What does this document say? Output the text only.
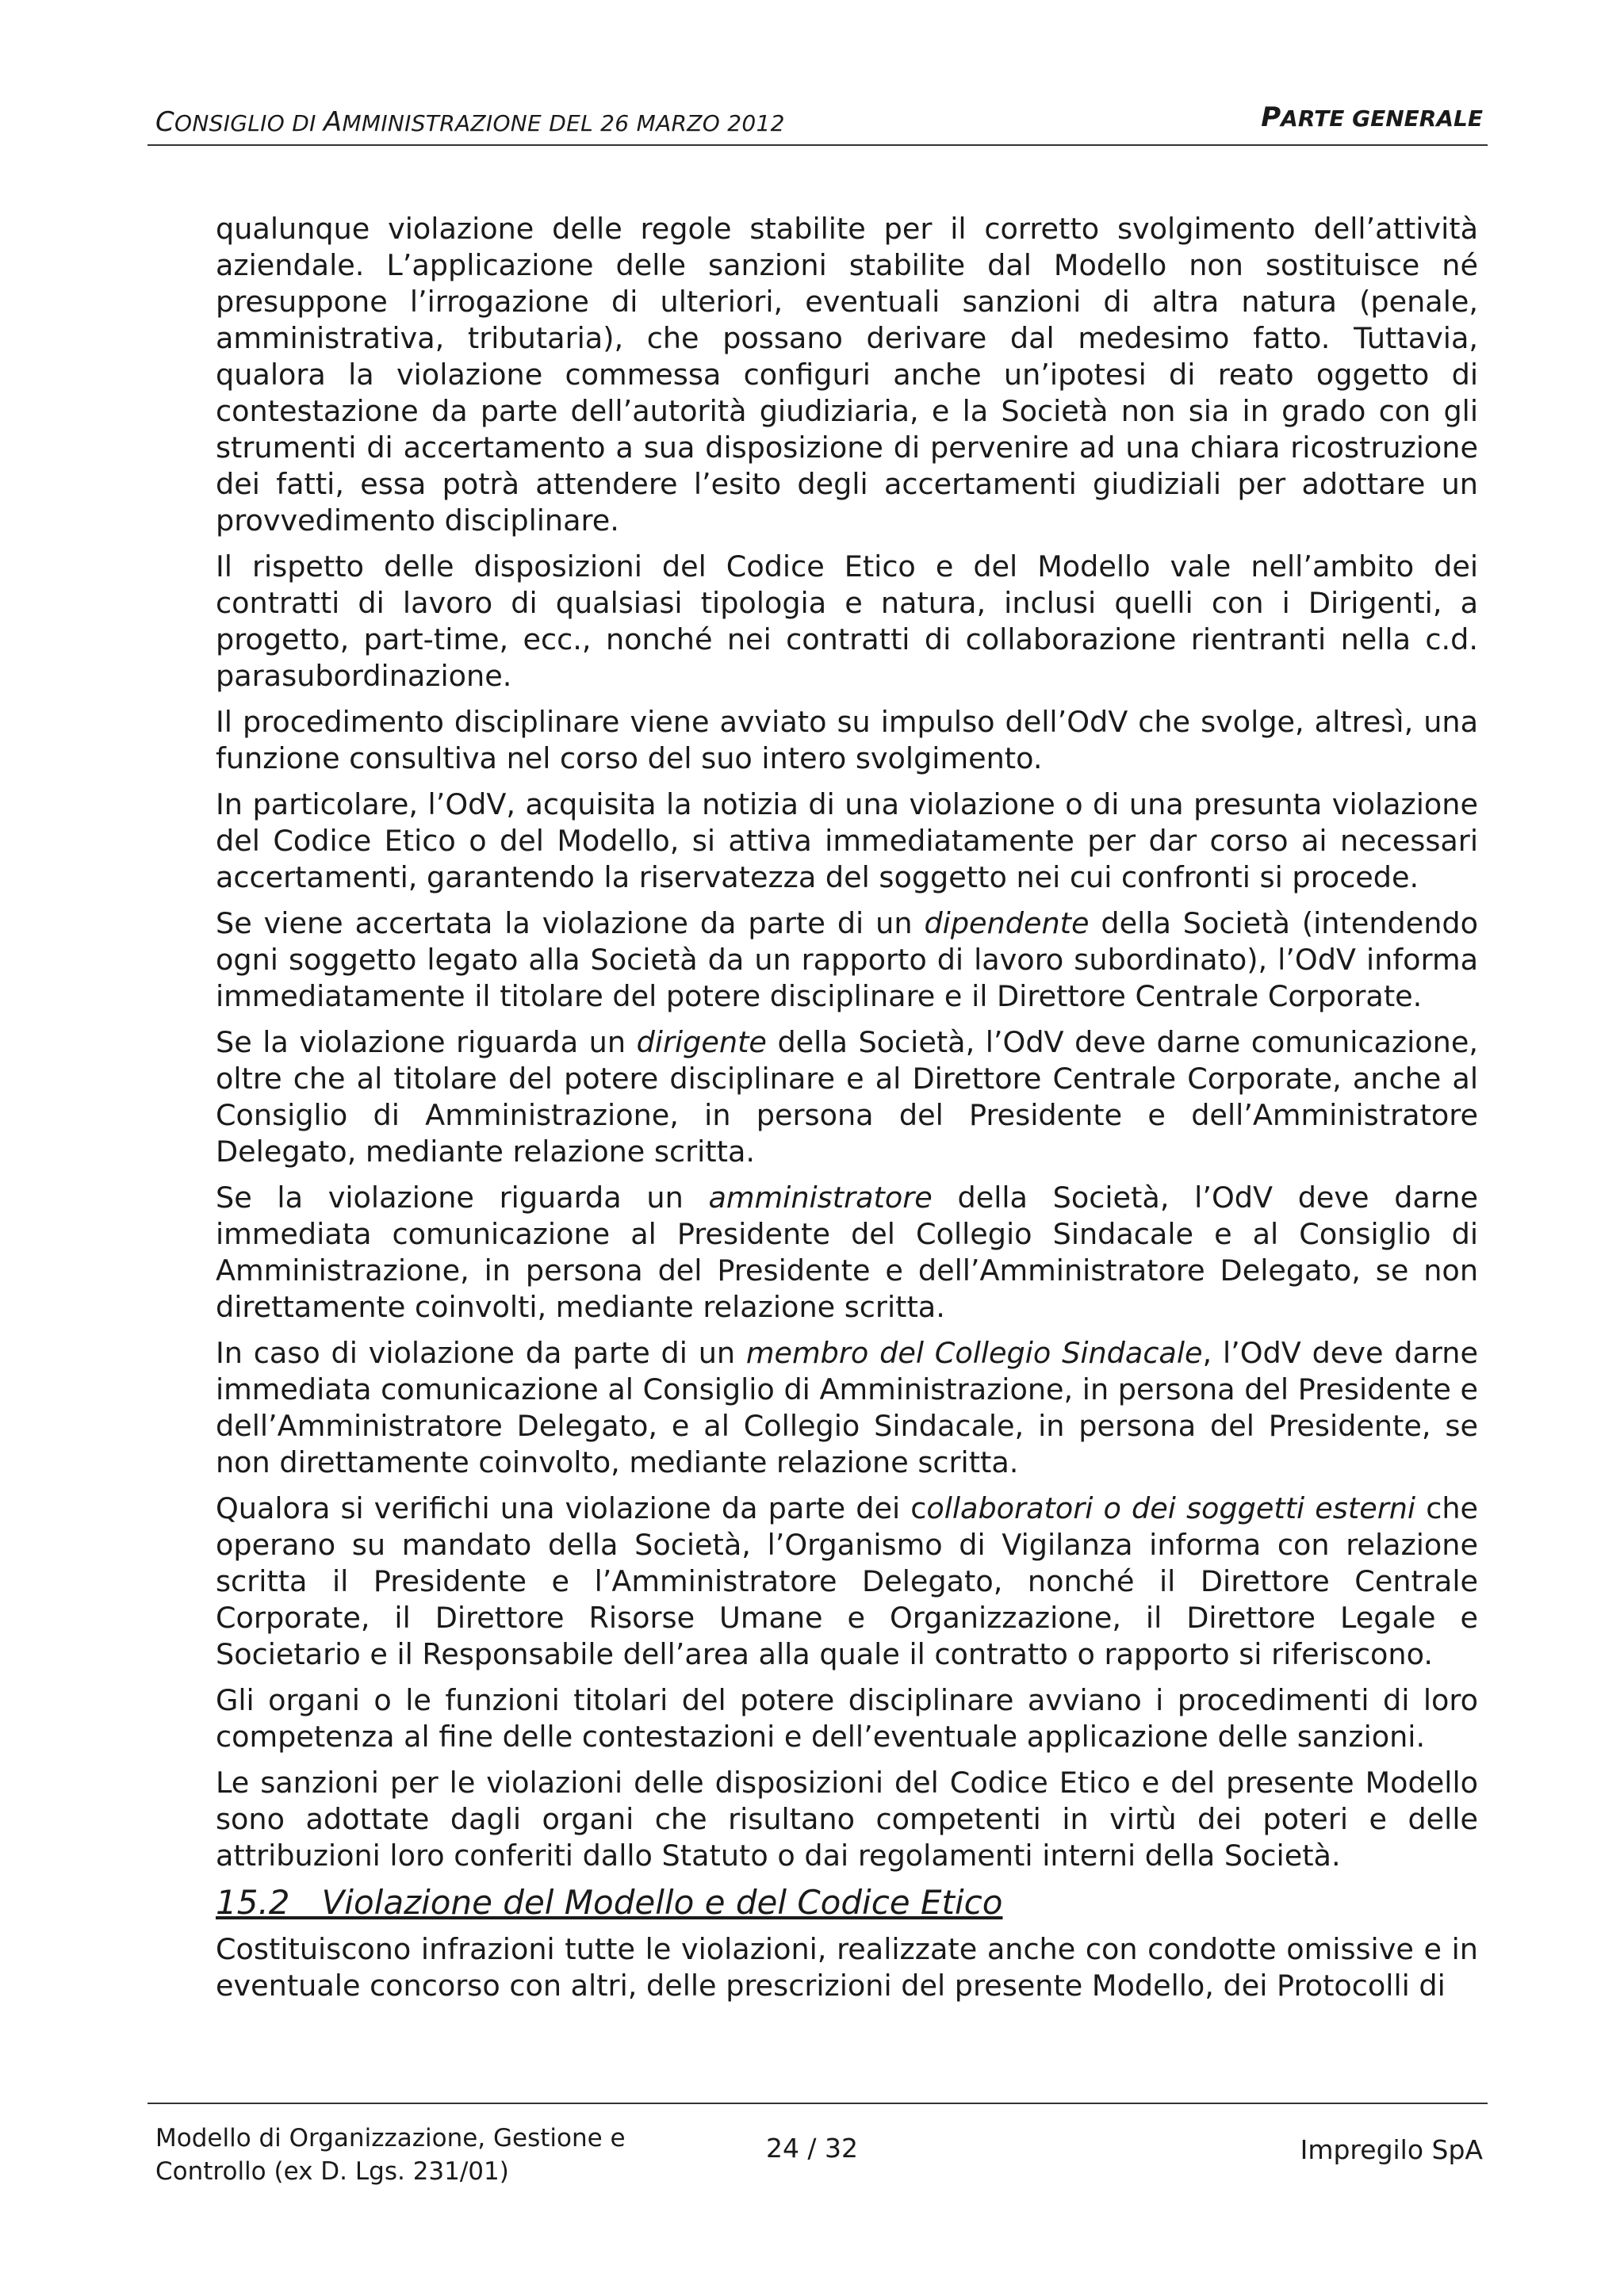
CONSIGLIO DI AMMINISTRAZIONE DEL 26 MARZO 2012	PARTE GENERALE

qualunque violazione delle regole stabilite per il corretto svolgimento dell’attività aziendale. L’applicazione delle sanzioni stabilite dal Modello non sostituisce né presuppone l’irrogazione di ulteriori, eventuali sanzioni di altra natura (penale, amministrativa, tributaria), che possano derivare dal medesimo fatto. Tuttavia, qualora la violazione commessa configuri anche un’ipotesi di reato oggetto di contestazione da parte dell’autorità giudiziaria, e la Società non sia in grado con gli strumenti di accertamento a sua disposizione di pervenire ad una chiara ricostruzione dei fatti, essa potrà attendere l’esito degli accertamenti giudiziali per adottare un provvedimento disciplinare.

Il rispetto delle disposizioni del Codice Etico e del Modello vale nell’ambito dei contratti di lavoro di qualsiasi tipologia e natura, inclusi quelli con i Dirigenti, a progetto, part-time, ecc., nonché nei contratti di collaborazione rientranti nella c.d. parasubordinazione.

Il procedimento disciplinare viene avviato su impulso dell’OdV che svolge, altresì, una funzione consultiva nel corso del suo intero svolgimento.

In particolare, l’OdV, acquisita la notizia di una violazione o di una presunta violazione del Codice Etico o del Modello, si attiva immediatamente per dar corso ai necessari accertamenti, garantendo la riservatezza del soggetto nei cui confronti si procede.

Se viene accertata la violazione da parte di un dipendente della Società (intendendo ogni soggetto legato alla Società da un rapporto di lavoro subordinato), l’OdV informa immediatamente il titolare del potere disciplinare e il Direttore Centrale Corporate.

Se la violazione riguarda un dirigente della Società, l’OdV deve darne comunicazione, oltre che al titolare del potere disciplinare e al Direttore Centrale Corporate, anche al Consiglio di Amministrazione, in persona del Presidente e dell’Amministratore Delegato, mediante relazione scritta.

Se la violazione riguarda un amministratore della Società, l’OdV deve darne immediata comunicazione al Presidente del Collegio Sindacale e al Consiglio di Amministrazione, in persona del Presidente e dell’Amministratore Delegato, se non direttamente coinvolti, mediante relazione scritta.

In caso di violazione da parte di un membro del Collegio Sindacale, l’OdV deve darne immediata comunicazione al Consiglio di Amministrazione, in persona del Presidente e dell’Amministratore Delegato, e al Collegio Sindacale, in persona del Presidente, se non direttamente coinvolto, mediante relazione scritta.

Qualora si verifichi una violazione da parte dei collaboratori o dei soggetti esterni che operano su mandato della Società, l’Organismo di Vigilanza informa con relazione scritta il Presidente e l’Amministratore Delegato, nonché il Direttore Centrale Corporate, il Direttore Risorse Umane e Organizzazione, il Direttore Legale e Societario e il Responsabile dell’area alla quale il contratto o rapporto si riferiscono.

Gli organi o le funzioni titolari del potere disciplinare avviano i procedimenti di loro competenza al fine delle contestazioni e dell’eventuale applicazione delle sanzioni.

Le sanzioni per le violazioni delle disposizioni del Codice Etico e del presente Modello sono adottate dagli organi che risultano competenti in virtù dei poteri e delle attribuzioni loro conferiti dallo Statuto o dai regolamenti interni della Società.

15.2   Violazione del Modello e del Codice Etico

Costituiscono infrazioni tutte le violazioni, realizzate anche con condotte omissive e in eventuale concorso con altri, delle prescrizioni del presente Modello, dei Protocolli di

Modello di Organizzazione, Gestione e
Controllo (ex D. Lgs. 231/01)
24 / 32	Impregilo SpA
